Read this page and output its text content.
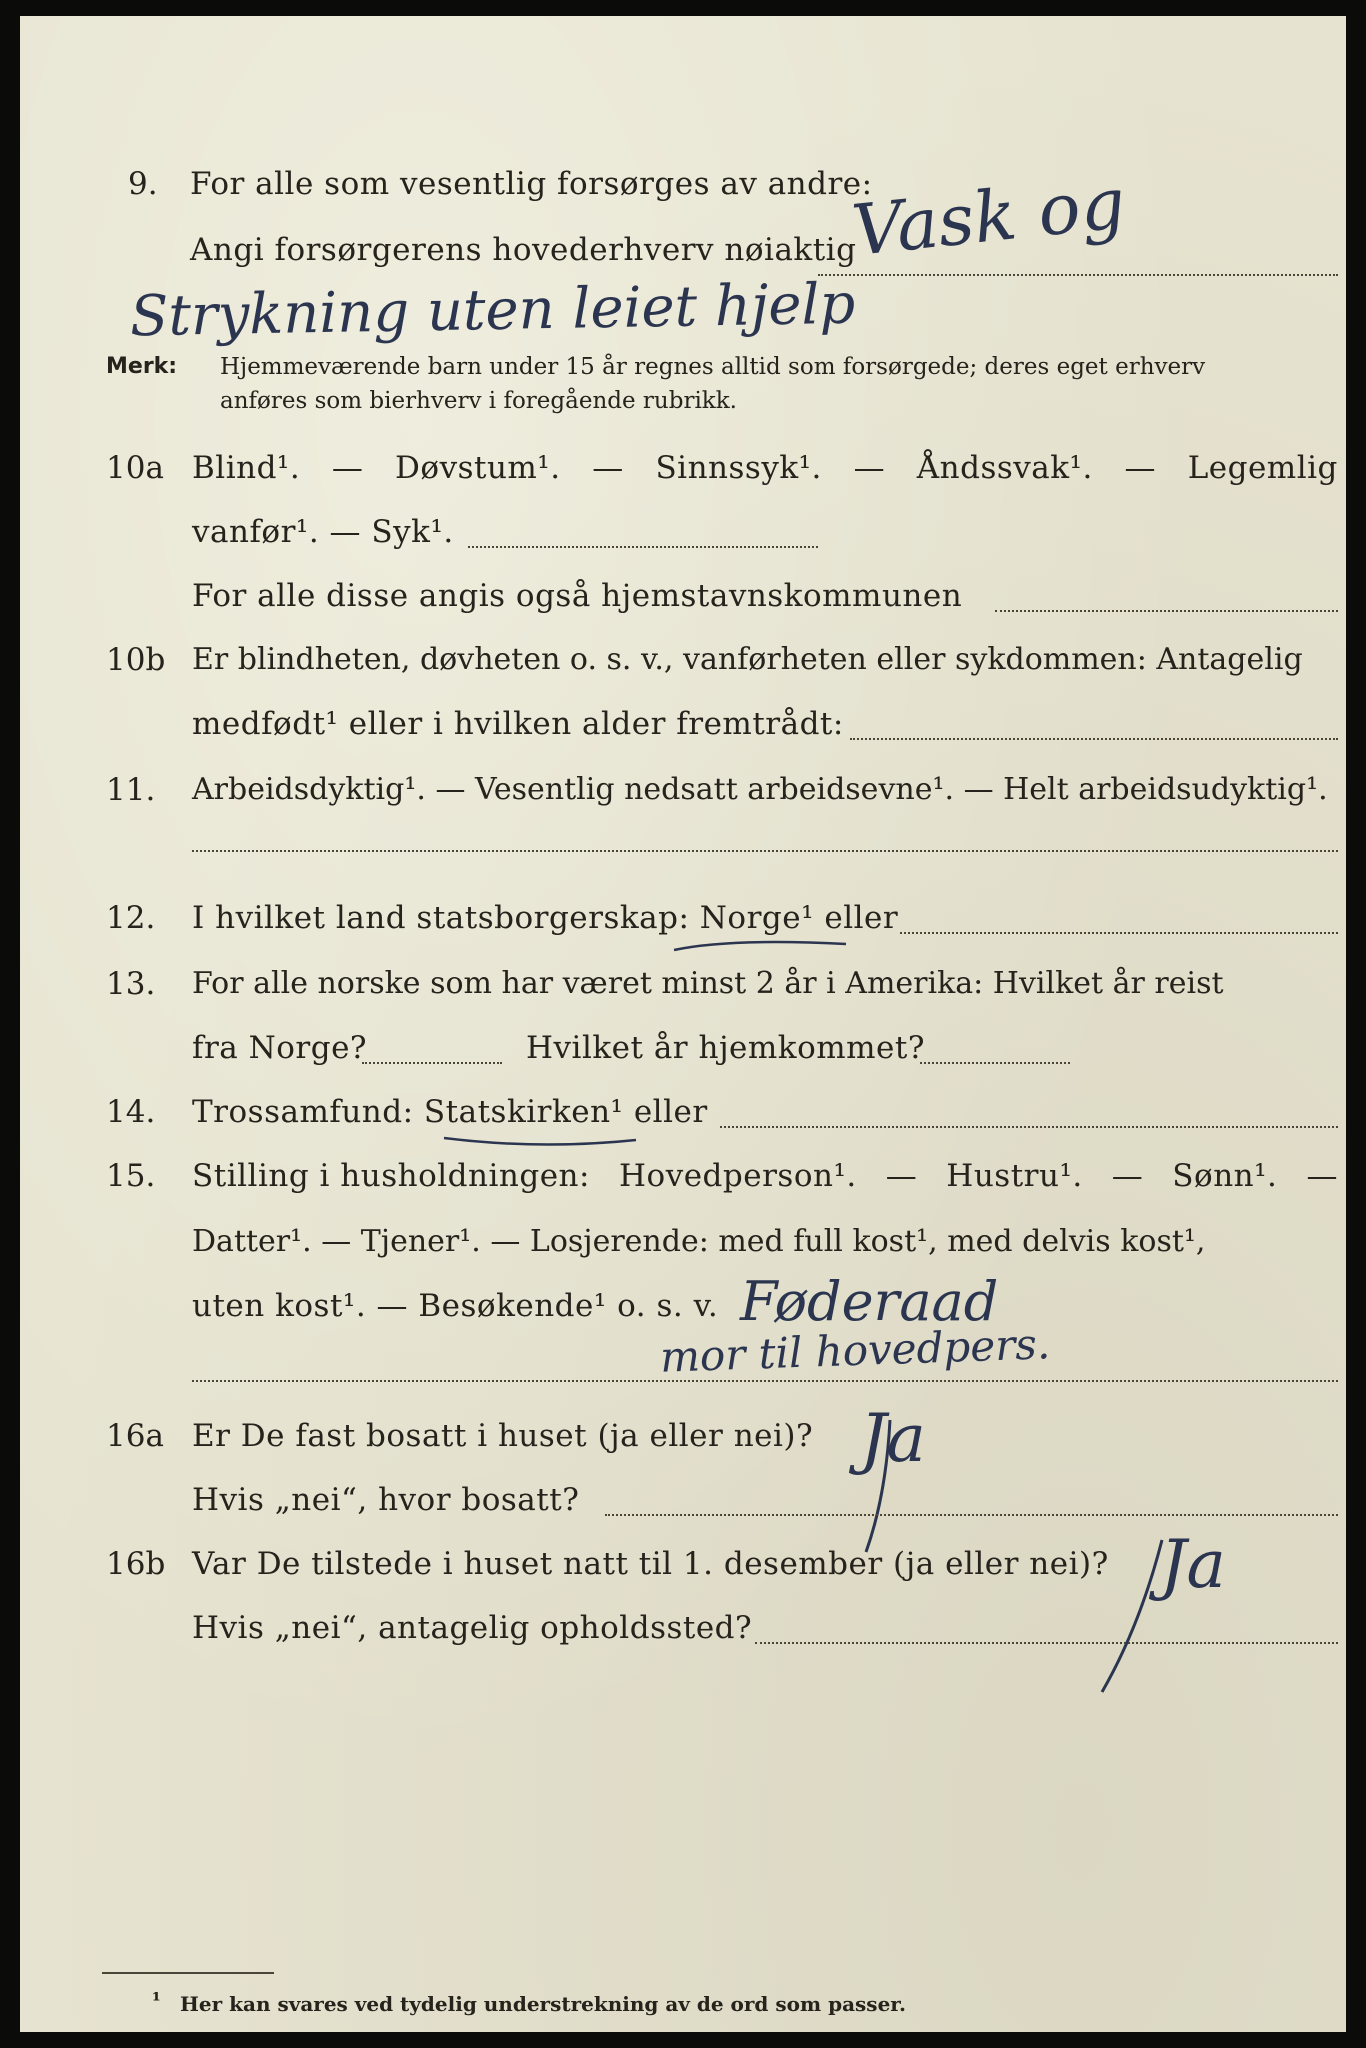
9. For alle som vesentlig forsørges av andre:
Angi forsørgerens hovederhverv nøiaktig
Vask og
Strykning uten leiet hjelp
Merk: Hjemmeværende barn under 15 år regnes alltid som forsørgede; deres eget erhverv
anføres som bierhverv i foregående rubrikk.
10a Blind¹. — Døvstum¹. — Sinnssyk¹. — Åndssvak¹. — Legemlig
vanfør¹. — Syk¹.
For alle disse angis også hjemstavnskommunen
10b Er blindheten, døvheten o. s. v., vanførheten eller sykdommen: Antagelig
medfødt¹ eller i hvilken alder fremtrådt:
11. Arbeidsdyktig¹. — Vesentlig nedsatt arbeidsevne¹. — Helt arbeidsudyktig¹.
12. I hvilket land statsborgerskap: Norge¹ eller
13. For alle norske som har været minst 2 år i Amerika: Hvilket år reist
fra Norge?	Hvilket år hjemkommet?
14. Trossamfund: Statskirken¹ eller
15. Stilling i husholdningen: Hovedperson¹. — Hustru¹. — Sønn¹. —
Datter¹. — Tjener¹. — Losjerende: med full kost¹, med delvis kost¹,
uten kost¹. — Besøkende¹ o. s. v. Føderaad
mor til hovedpers.
16a Er De fast bosatt i huset (ja eller nei)? Ja
Hvis „nei“, hvor bosatt?
16b Var De tilstede i huset natt til 1. desember (ja eller nei)? Ja
Hvis „nei“, antagelig opholdssted?
¹ Her kan svares ved tydelig understrekning av de ord som passer.
